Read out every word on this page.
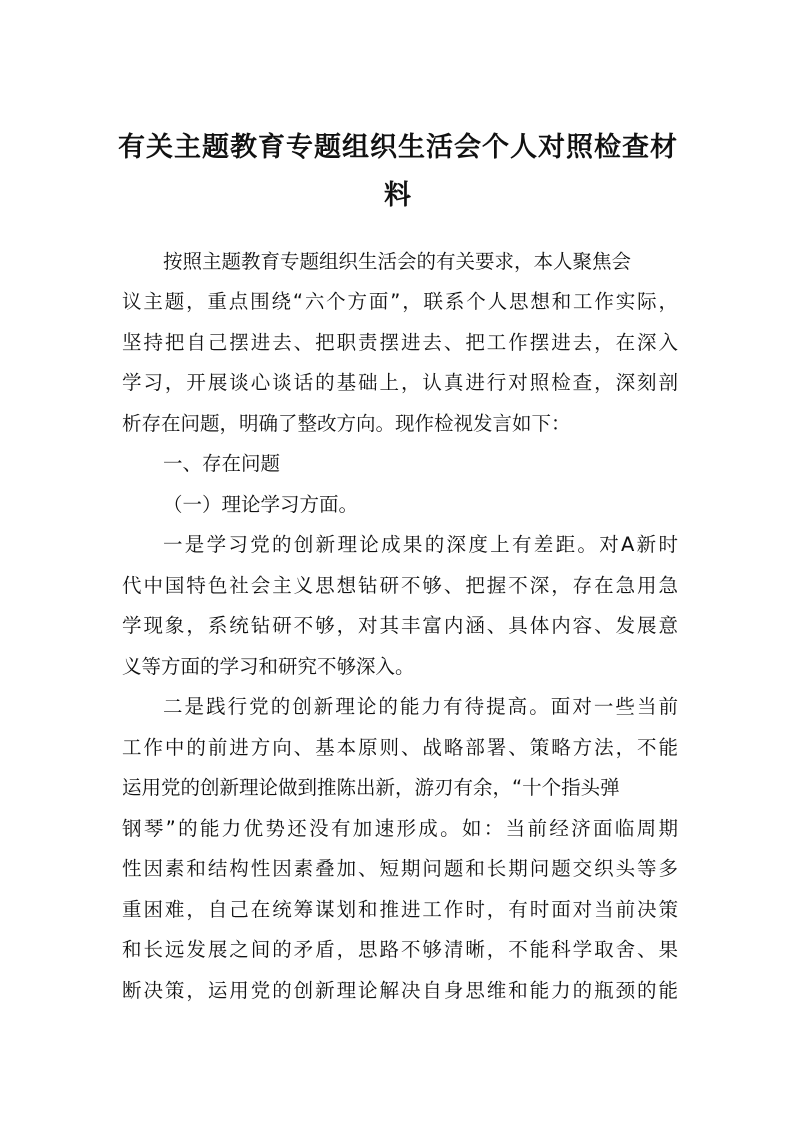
有关主题教育专题组织生活会个人对照检查材料

按照主题教育专题组织生活会的有关要求，本人聚焦会

议主题，重点围绕“六个方面”，联系个人思想和工作实际，

坚持把自己摆进去、把职责摆进去、把工作摆进去，在深入

学习，开展谈心谈话的基础上，认真进行对照检查，深刻剖

析存在问题，明确了整改方向。现作检视发言如下：

一、存在问题

（一）理论学习方面。

一是学习党的创新理论成果的深度上有差距。对A新时

代中国特色社会主义思想钻研不够、把握不深，存在急用急

学现象，系统钻研不够，对其丰富内涵、具体内容、发展意

义等方面的学习和研究不够深入。

二是践行党的创新理论的能力有待提高。面对一些当前

工作中的前进方向、基本原则、战略部署、策略方法，不能

运用党的创新理论做到推陈出新，游刃有余，“十个指头弹

钢琴”的能力优势还没有加速形成。如：当前经济面临周期

性因素和结构性因素叠加、短期问题和长期问题交织头等多

重困难，自己在统筹谋划和推进工作时，有时面对当前决策

和长远发展之间的矛盾，思路不够清晰，不能科学取舍、果

断决策，运用党的创新理论解决自身思维和能力的瓶颈的能
